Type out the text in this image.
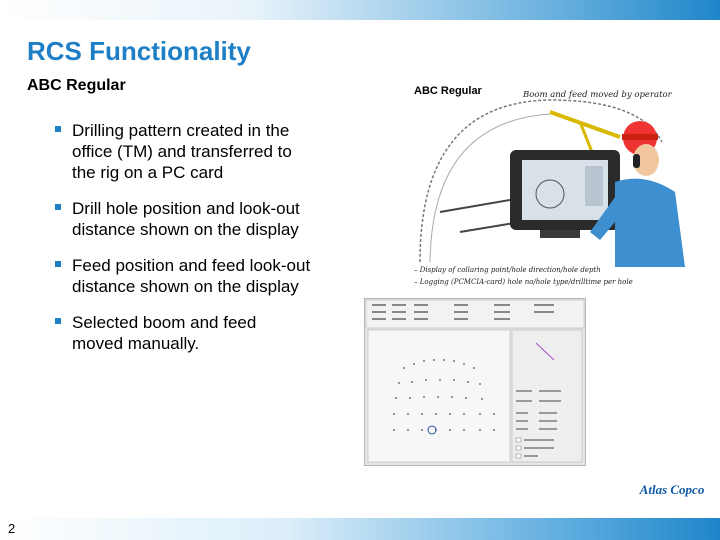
RCS Functionality
ABC Regular
Drilling pattern created in the office (TM) and transferred to the rig on a PC card
Drill hole position and look-out distance shown on the display
Feed position and feed look-out distance shown on the display
Selected boom and feed moved manually.
ABC Regular	Boom and feed moved by operator
– Display of collaring point/hole direction/hole depth
– Logging (PCMCIA-card) hole no/hole type/drilltime per hole
Atlas Copco
2
